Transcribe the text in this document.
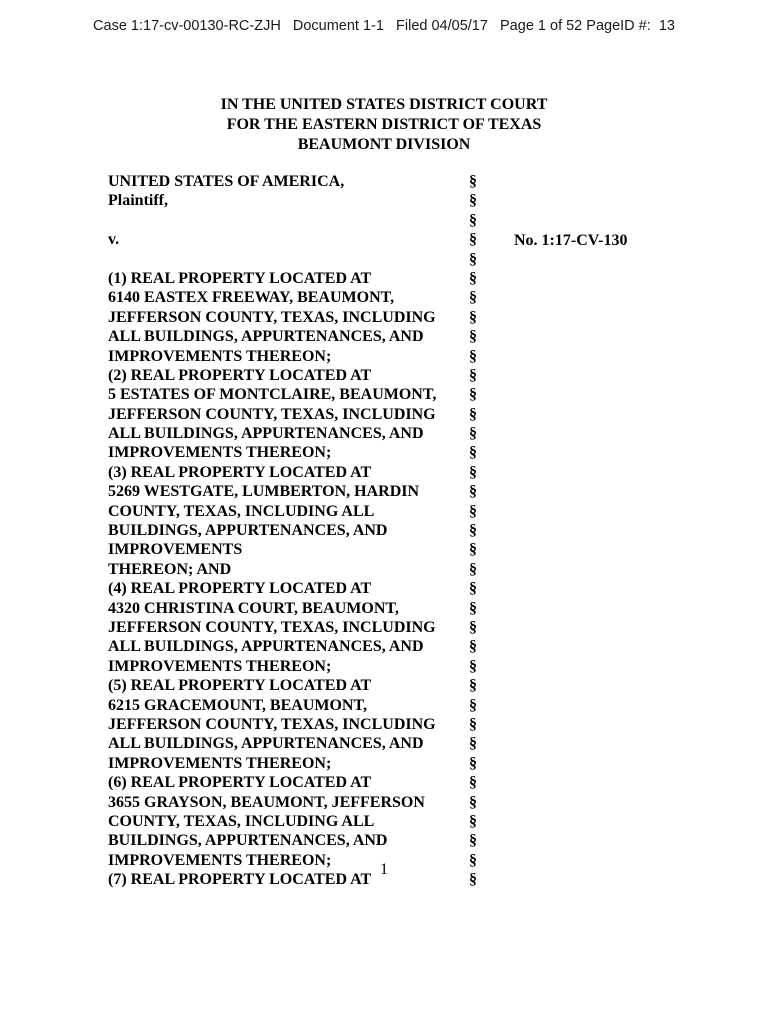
Case 1:17-cv-00130-RC-ZJH   Document 1-1   Filed 04/05/17   Page 1 of 52 PageID #:  13
IN THE UNITED STATES DISTRICT COURT
FOR THE EASTERN DISTRICT OF TEXAS
BEAUMONT DIVISION
UNITED STATES OF AMERICA,
Plaintiff,
v.
(1) REAL PROPERTY LOCATED AT
6140 EASTEX FREEWAY, BEAUMONT,
JEFFERSON COUNTY, TEXAS, INCLUDING
ALL BUILDINGS, APPURTENANCES, AND
IMPROVEMENTS THEREON;
(2) REAL PROPERTY LOCATED AT
5 ESTATES OF MONTCLAIRE, BEAUMONT,
JEFFERSON COUNTY, TEXAS, INCLUDING
ALL BUILDINGS, APPURTENANCES, AND
IMPROVEMENTS THEREON;
(3) REAL PROPERTY LOCATED AT
5269 WESTGATE, LUMBERTON, HARDIN
COUNTY, TEXAS, INCLUDING ALL
BUILDINGS, APPURTENANCES, AND
IMPROVEMENTS
THEREON; AND
(4) REAL PROPERTY LOCATED AT
4320 CHRISTINA COURT, BEAUMONT,
JEFFERSON COUNTY, TEXAS, INCLUDING
ALL BUILDINGS, APPURTENANCES, AND
IMPROVEMENTS THEREON;
(5) REAL PROPERTY LOCATED AT
6215 GRACEMOUNT, BEAUMONT,
JEFFERSON COUNTY, TEXAS, INCLUDING
ALL BUILDINGS, APPURTENANCES, AND
IMPROVEMENTS THEREON;
(6) REAL PROPERTY LOCATED AT
3655 GRAYSON, BEAUMONT, JEFFERSON
COUNTY, TEXAS, INCLUDING ALL
BUILDINGS, APPURTENANCES, AND
IMPROVEMENTS THEREON;
(7) REAL PROPERTY LOCATED AT
§
§
§
§
§
§
§
§
§
§
§
§
§
§
§
§
§
§
§
§
§
§
§
§
§
§
§
§
§
§
§
§
§
§
§
§
§
No. 1:17-CV-130
1
